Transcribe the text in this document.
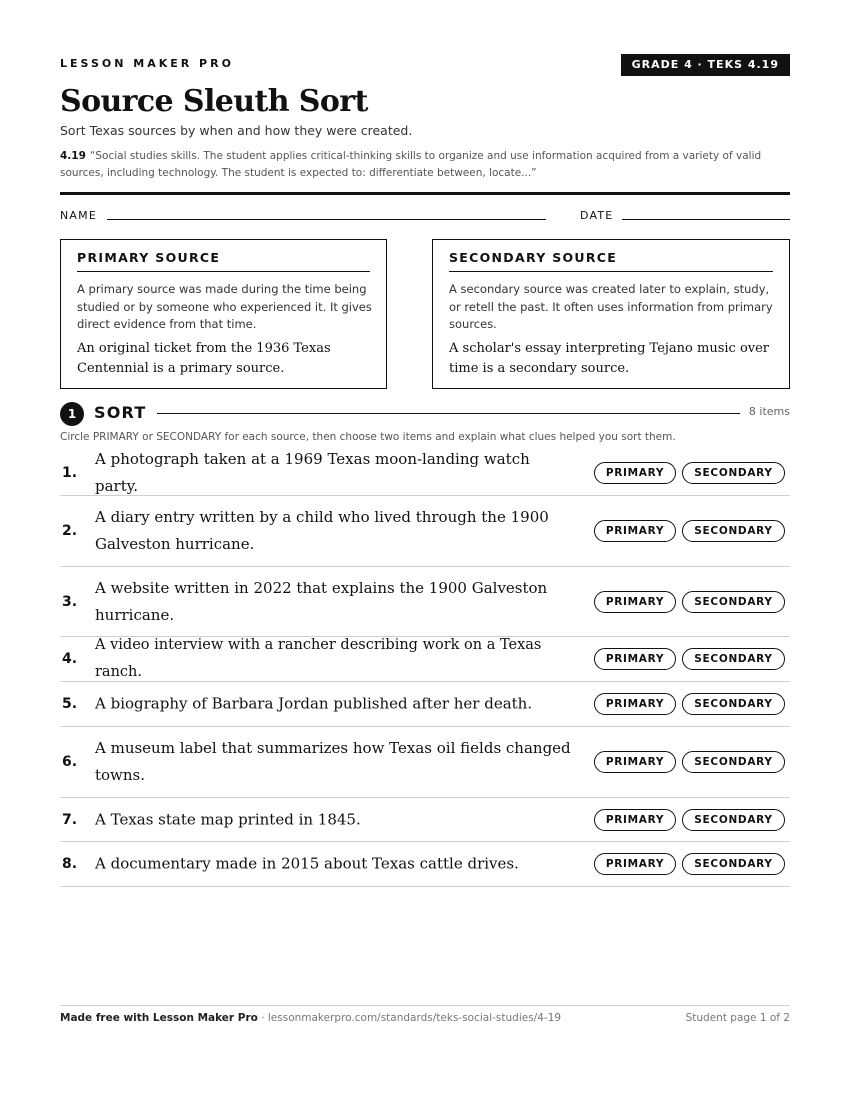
LESSON MAKER PRO	GRADE 4 · TEKS 4.19
Source Sleuth Sort
Sort Texas sources by when and how they were created.
4.19 “Social studies skills. The student applies critical-thinking skills to organize and use information acquired from a variety of valid sources, including technology. The student is expected to: differentiate between, locate...”
NAME	DATE
PRIMARY SOURCE
A primary source was made during the time being studied or by someone who experienced it. It gives direct evidence from that time.
An original ticket from the 1936 Texas Centennial is a primary source.
SECONDARY SOURCE
A secondary source was created later to explain, study, or retell the past. It often uses information from primary sources.
A scholar's essay interpreting Tejano music over time is a secondary source.
1	SORT	8 items
Circle PRIMARY or SECONDARY for each source, then choose two items and explain what clues helped you sort them.
1.
A photograph taken at a 1969 Texas moon-landing watch party.
PRIMARY	SECONDARY
2.
A diary entry written by a child who lived through the 1900 Galveston hurricane.
PRIMARY	SECONDARY
3.
A website written in 2022 that explains the 1900 Galveston hurricane.
PRIMARY	SECONDARY
4.
A video interview with a rancher describing work on a Texas ranch.
PRIMARY	SECONDARY
5. A biography of Barbara Jordan published after her death.	PRIMARY	SECONDARY
6.
A museum label that summarizes how Texas oil fields changed towns.
PRIMARY	SECONDARY
7. A Texas state map printed in 1845.	PRIMARY	SECONDARY
8. A documentary made in 2015 about Texas cattle drives.	PRIMARY	SECONDARY
Made free with Lesson Maker Pro · lessonmakerpro.com/standards/teks-social-studies/4-19	Student page 1 of 2
